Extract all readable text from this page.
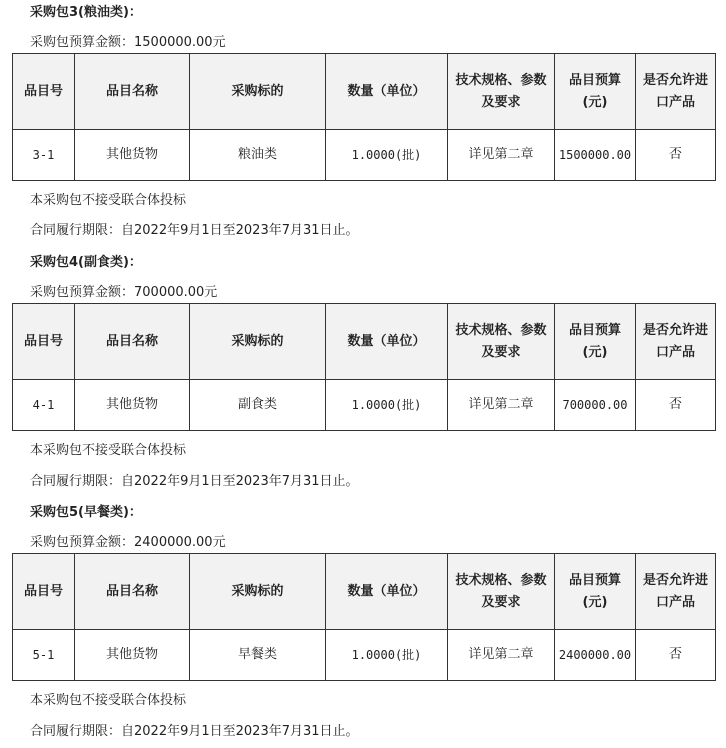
采购包3(粮油类)：
采购包预算金额：1500000.00元
品目号	品目名称	采购标的	数量（单位）	技术规格、参数及要求	品目预算(元)	是否允许进口产品
3-1	其他货物	粮油类	1.0000(批)	详见第二章	1500000.00	否
本采购包不接受联合体投标
合同履行期限：自2022年9月1日至2023年7月31日止。
采购包4(副食类)：
采购包预算金额：700000.00元
品目号	品目名称	采购标的	数量（单位）	技术规格、参数及要求	品目预算(元)	是否允许进口产品
4-1	其他货物	副食类	1.0000(批)	详见第二章	700000.00	否
本采购包不接受联合体投标
合同履行期限：自2022年9月1日至2023年7月31日止。
采购包5(早餐类)：
采购包预算金额：2400000.00元
品目号	品目名称	采购标的	数量（单位）	技术规格、参数及要求	品目预算(元)	是否允许进口产品
5-1	其他货物	早餐类	1.0000(批)	详见第二章	2400000.00	否
本采购包不接受联合体投标
合同履行期限：自2022年9月1日至2023年7月31日止。
